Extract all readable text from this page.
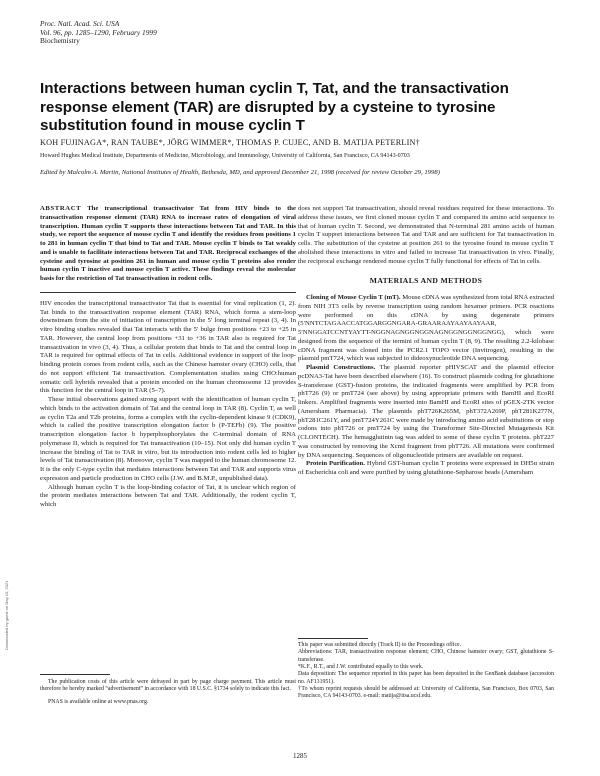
Proc. Natl. Acad. Sci. USA
Vol. 96, pp. 1285–1290, February 1999
Biochemistry
Interactions between human cyclin T, Tat, and the transactivation response element (TAR) are disrupted by a cysteine to tyrosine substitution found in mouse cyclin T
KOH FUJINAGA*, RAN TAUBE*, JÖRG WIMMER*, THOMAS P. CUJEC, AND B. MATIJA PETERLIN†
Howard Hughes Medical Institute, Departments of Medicine, Microbiology, and Immunology, University of California, San Francisco, CA 94143-0703
Edited by Malcolm A. Martin, National Institutes of Health, Bethesda, MD, and approved December 21, 1998 (received for review October 29, 1998)

ABSTRACT The transcriptional transactivator Tat from HIV binds to the transactivation response element (TAR) RNA to increase rates of elongation of viral transcription. Human cyclin T supports these interactions between Tat and TAR. In this study, we report the sequence of mouse cyclin T and identify the residues from positions 1 to 281 in human cyclin T that bind to Tat and TAR. Mouse cyclin T binds to Tat weakly and is unable to facilitate interactions between Tat and TAR. Reciprocal exchanges of the cysteine and tyrosine at position 261 in human and mouse cyclin T proteins also render human cyclin T inactive and mouse cyclin T active. These findings reveal the molecular basis for the restriction of Tat transactivation in rodent cells.

HIV encodes the transcriptional transactivator Tat that is essential for viral replication (1, 2). Tat binds to the transactivation response element (TAR) RNA, which forms a stem-loop downstream from the site of initiation of transcription in the 5′ long terminal repeat (3, 4). In vitro binding studies revealed that Tat interacts with the 5′ bulge from positions +23 to +25 in TAR. However, the central loop from positions +31 to +36 in TAR also is required for Tat transactivation in vivo (3, 4). Thus, a cellular protein that binds to Tat and the central loop in TAR is required for optimal effects of Tat in cells. Additional evidence in support of the loop-binding protein comes from rodent cells, such as the Chinese hamster ovary (CHO) cells, that do not support efficient Tat transactivation. Complementation studies using CHO:human somatic cell hybrids revealed that a protein encoded on the human chromosome 12 provides this function for the central loop in TAR (5–7).

These initial observations gained strong support with the identification of human cyclin T, which binds to the activation domain of Tat and the central loop in TAR (8). Cyclin T, as well as cyclin T2a and T2b proteins, forms a complex with the cyclin-dependent kinase 9 (CDK9), which is called the positive transcription elongation factor b (P-TEFb) (9). The positive transcription elongation factor b hyperphosphorylates the C-terminal domain of RNA polymerase II, which is required for Tat transactivation (10–15). Not only did human cyclin T increase the binding of Tat to TAR in vitro, but its introduction into rodent cells led to higher levels of Tat transactivation (8). Moreover, cyclin T was mapped to the human chromosome 12. It is the only C-type cyclin that mediates interactions between Tat and TAR and supports virus expression and particle production in CHO cells (J.W. and B.M.P., unpublished data).

Although human cyclin T is the loop-binding cofactor of Tat, it is unclear which region of the protein mediates interactions between Tat and TAR. Additionally, the rodent cyclin T, which

does not support Tat transactivation, should reveal residues required for these interactions. To address these issues, we first cloned mouse cyclin T and compared its amino acid sequence to that of human cyclin T. Second, we demonstrated that N-terminal 281 amino acids of human cyclin T support interactions between Tat and TAR and are sufficient for Tat transactivation in cells. The substitution of the cysteine at position 261 to the tyrosine found in mouse cyclin T abolished these interactions in vitro and failed to increase Tat transactivation in vivo. Finally, the reciprocal exchange rendered mouse cyclin T fully functional for effects of Tat in cells.

MATERIALS AND METHODS

Cloning of Mouse Cyclin T (mT). Mouse cDNA was synthesized from total RNA extracted from NIH 3T3 cells by reverse transcription using random hexamer primers. PCR reactions were performed on this cDNA by using degenerate primers (5′NNTCTAGAACCATGGARGGNGARA-GRAARAAYAAYAAYAAR, 5′NNGGATCCNTYAYTT-NGGNAGNGGNGGNAGNGGNGGNGGNGG), which were designed from the sequence of the termini of human cyclin T (8, 9). The resulting 2.2-kilobase cDNA fragment was cloned into the PCR2.1 TOPO vector (Invitrogen), resulting in the plasmid pmT724, which was subjected to dideoxynucleotide DNA sequencing.

Plasmid Constructions. The plasmid reporter pHIVSCAT and the plasmid effector pcDNA3-Tat have been described elsewhere (16). To construct plasmids coding for glutathione S-transferase (GST)-fusion proteins, the indicated fragments were amplified by PCR from phT726 (9) or pmT724 (see above) by using appropriate primers with BamHI and EcoRI linkers. Amplified fragments were inserted into BamHI and EcoRI sites of pGEX-2TK vector (Amersham Pharmacia). The plasmids phT726K265M, phT372A269P, phT281K277N, phT281C261Y, and pmT724Y261C were made by introducing amino acid substitutions or stop codons into phT726 or pmT724 by using the Transformer Site-Directed Mutagenesis Kit (CLONTECH). The hemagglutinin tag was added to some of these cyclin T proteins. phT227 was constructed by removing the XcmI fragment from phT726. All mutations were confirmed by DNA sequencing. Sequences of oligonucleotide primers are available on request.

Protein Purification. Hybrid GST-human cyclin T proteins were expressed in DH5α strain of Escherichia coli and were purified by using glutathione-Sepharose beads (Amersham

The publication costs of this article were defrayed in part by page charge payment. This article must therefore be hereby marked “advertisement” in accordance with 18 U.S.C. §1734 solely to indicate this fact.

PNAS is available online at www.pnas.org.

This paper was submitted directly (Track II) to the Proceedings office.

Abbreviations: TAR, transactivation response element; CHO, Chinese hamster ovary; GST, glutathione S-transferase.

*K.F., R.T., and J.W. contributed equally to this work.

Data deposition: The sequence reported in this paper has been deposited in the GenBank database (accession no. AF131951).

†To whom reprint requests should be addressed at: University of California, San Francisco, Box 0703, San Francisco, CA 94143-0703. e-mail: matija@itsa.ucsf.edu.

Downloaded by guest on May 10, 2021
1285
